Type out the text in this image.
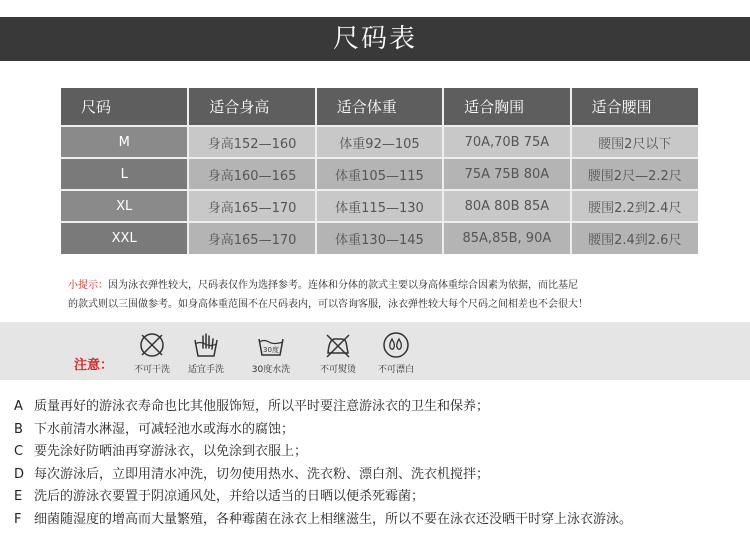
尺码表
尺码	适合身高	适合体重	适合胸围	适合腰围
M	身高152—160	体重92—105	70A,70B 75A	腰围2尺以下
L	身高160—165	体重105—115	75A 75B 80A	腰围2尺—2.2尺
XL	身高165—170	体重115—130	80A 80B 85A	腰围2.2到2.4尺
XXL	身高165—170	体重130—145	85A,85B, 90A	腰围2.4到2.6尺
小提示：因为泳衣弹性较大，尺码表仅作为选择参考。连体和分体的款式主要以身高体重综合因素为依据，而比基尼
的款式则以三围做参考。如身高体重范围不在尺码表内，可以咨询客服，泳衣弹性较大每个尺码之间相差也不会很大！
注意：	不可干洗	适宜手洗
30度
30度水洗	不可熨烫	不可漂白
A 质量再好的游泳衣寿命也比其他服饰短，所以平时要注意游泳衣的卫生和保养；
B 下水前清水淋湿，可减轻池水或海水的腐蚀；
C 要先涂好防晒油再穿游泳衣，以免涂到衣服上；
D 每次游泳后，立即用清水冲洗，切勿使用热水、洗衣粉、漂白剂、洗衣机搅拌；
E 洗后的游泳衣要置于阴凉通风处，并给以适当的日晒以便杀死霉菌；
F 细菌随湿度的增高而大量繁殖，各种霉菌在泳衣上相继滋生，所以不要在泳衣还没晒干时穿上泳衣游泳。
